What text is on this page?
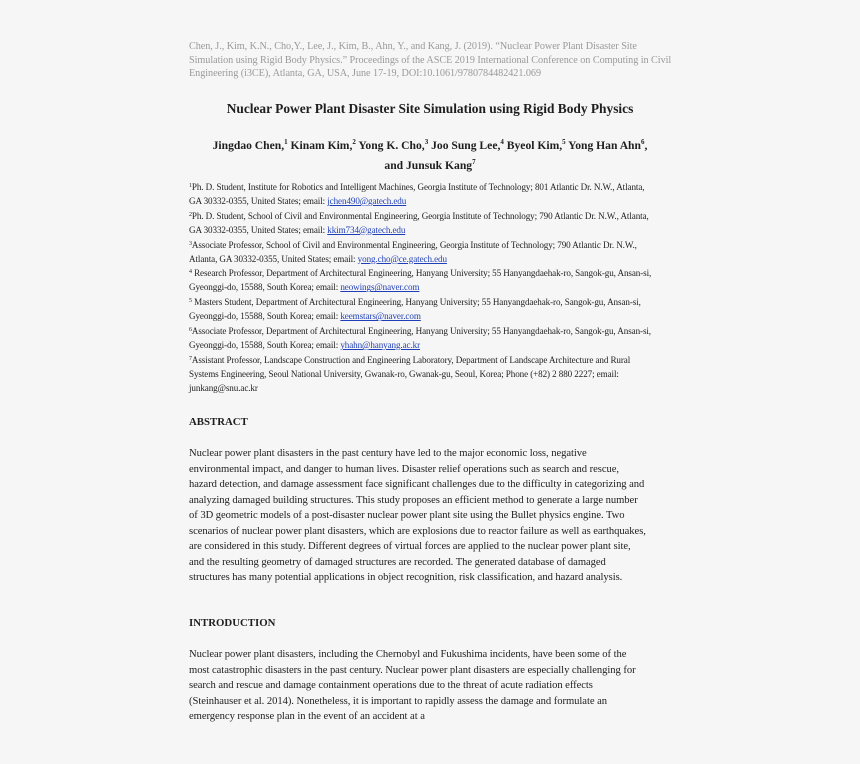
Chen, J., Kim, K.N., Cho,Y., Lee, J., Kim, B., Ahn, Y., and Kang, J. (2019). “Nuclear Power Plant Disaster Site Simulation using Rigid Body Physics.” Proceedings of the ASCE 2019 International Conference on Computing in Civil Engineering (i3CE), Atlanta, GA, USA, June 17-19, DOI:10.1061/9780784482421.069
Nuclear Power Plant Disaster Site Simulation using Rigid Body Physics
Jingdao Chen,$^1$ Kinam Kim,$^2$ Yong K. Cho,$^3$ Joo Sung Lee,$^4$ Byeol Kim,$^5$ Yong Han Ahn$^6$,
and Junsuk Kang$^7$

$^1$Ph. D. Student, Institute for Robotics and Intelligent Machines, Georgia Institute of Technology; 801 Atlantic Dr. N.W., Atlanta, GA 30332-0355, United States; email: jchen490@gatech.edu

$^2$Ph. D. Student, School of Civil and Environmental Engineering, Georgia Institute of Technology; 790 Atlantic Dr. N.W., Atlanta, GA 30332-0355, United States; email: kkim734@gatech.edu

$^3$Associate Professor, School of Civil and Environmental Engineering, Georgia Institute of Technology; 790 Atlantic Dr. N.W., Atlanta, GA 30332-0355, United States; email: yong.cho@ce.gatech.edu

$^4$ Research Professor, Department of Architectural Engineering, Hanyang University; 55 Hanyangdaehak-ro, Sangok-gu, Ansan-si, Gyeonggi-do, 15588, South Korea; email: neowings@naver.com

$^5$ Masters Student, Department of Architectural Engineering, Hanyang University; 55 Hanyangdaehak-ro, Sangok-gu, Ansan-si, Gyeonggi-do, 15588, South Korea; email: keemstars@naver.com

$^6$Associate Professor, Department of Architectural Engineering, Hanyang University; 55 Hanyangdaehak-ro, Sangok-gu, Ansan-si, Gyeonggi-do, 15588, South Korea; email: yhahn@hanyang.ac.kr

$^7$Assistant Professor, Landscape Construction and Engineering Laboratory, Department of Landscape Architecture and Rural Systems Engineering, Seoul National University, Gwanak-ro, Gwanak-gu, Seoul, Korea; Phone (+82) 2 880 2227; email: junkang@snu.ac.kr

ABSTRACT
Nuclear power plant disasters in the past century have led to the major economic loss, negative environmental impact, and danger to human lives. Disaster relief operations such as search and rescue, hazard detection, and damage assessment face significant challenges due to the difficulty in categorizing and analyzing damaged building structures. This study proposes an efficient method to generate a large number of 3D geometric models of a post-disaster nuclear power plant site using the Bullet physics engine. Two scenarios of nuclear power plant disasters, which are explosions due to reactor failure as well as earthquakes, are considered in this study. Different degrees of virtual forces are applied to the nuclear power plant site, and the resulting geometry of damaged structures are recorded. The generated database of damaged structures has many potential applications in object recognition, risk classification, and hazard analysis.
INTRODUCTION
Nuclear power plant disasters, including the Chernobyl and Fukushima incidents, have been some of the most catastrophic disasters in the past century. Nuclear power plant disasters are especially challenging for search and rescue and damage containment operations due to the threat of acute radiation effects (Steinhauser et al. 2014). Nonetheless, it is important to rapidly assess the damage and formulate an emergency response plan in the event of an accident at a
